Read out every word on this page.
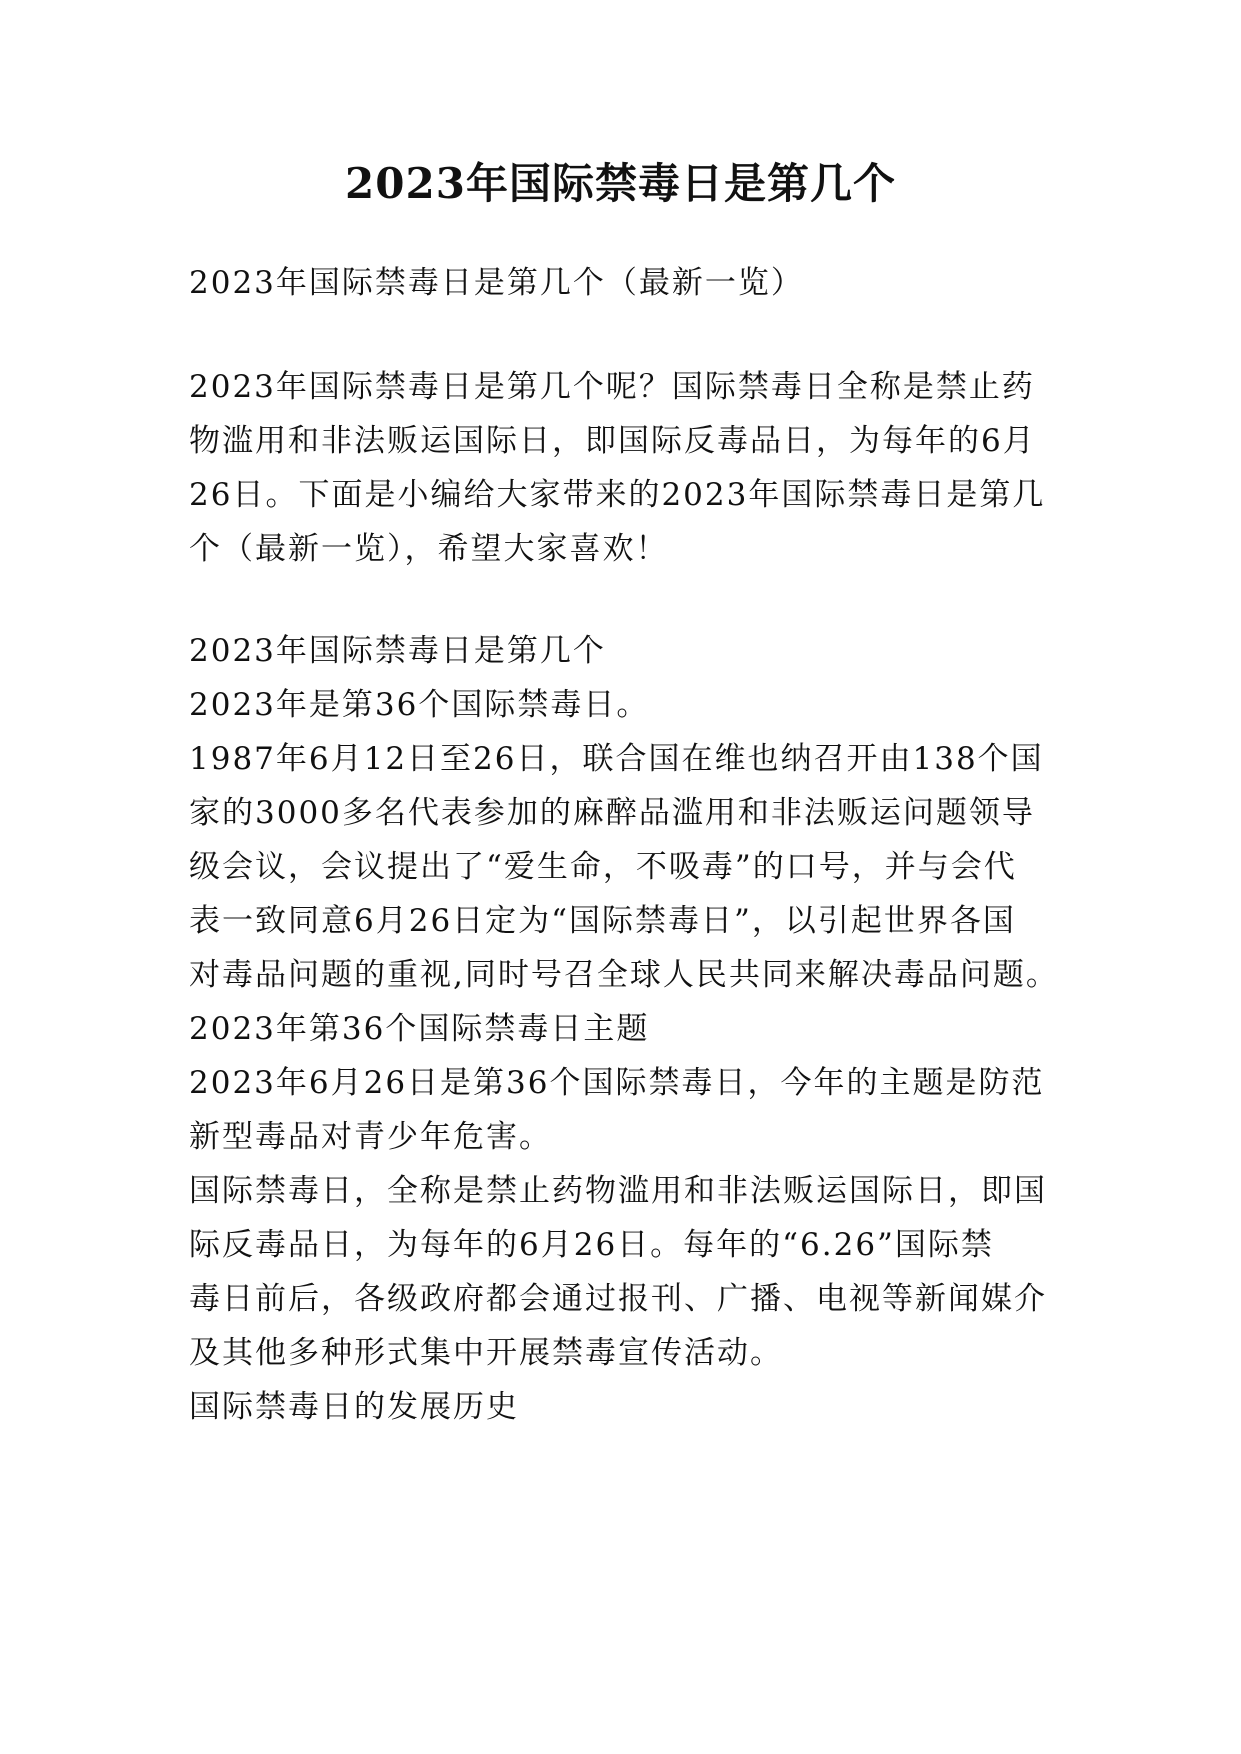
2023年国际禁毒日是第几个
2023年国际禁毒日是第几个（最新一览）
2023年国际禁毒日是第几个呢？国际禁毒日全称是禁止药
物滥用和非法贩运国际日，即国际反毒品日，为每年的6月
26日。下面是小编给大家带来的2023年国际禁毒日是第几
个（最新一览），希望大家喜欢！
2023年国际禁毒日是第几个
2023年是第36个国际禁毒日。
1987年6月12日至26日，联合国在维也纳召开由138个国
家的3000多名代表参加的麻醉品滥用和非法贩运问题领导
级会议，会议提出了“爱生命，不吸毒”的口号，并与会代
表一致同意6月26日定为“国际禁毒日”，以引起世界各国
对毒品问题的重视,同时号召全球人民共同来解决毒品问题。
2023年第36个国际禁毒日主题
2023年6月26日是第36个国际禁毒日，今年的主题是防范
新型毒品对青少年危害。
国际禁毒日，全称是禁止药物滥用和非法贩运国际日，即国
际反毒品日，为每年的6月26日。每年的“6.26”国际禁
毒日前后，各级政府都会通过报刊、广播、电视等新闻媒介
及其他多种形式集中开展禁毒宣传活动。
国际禁毒日的发展历史
